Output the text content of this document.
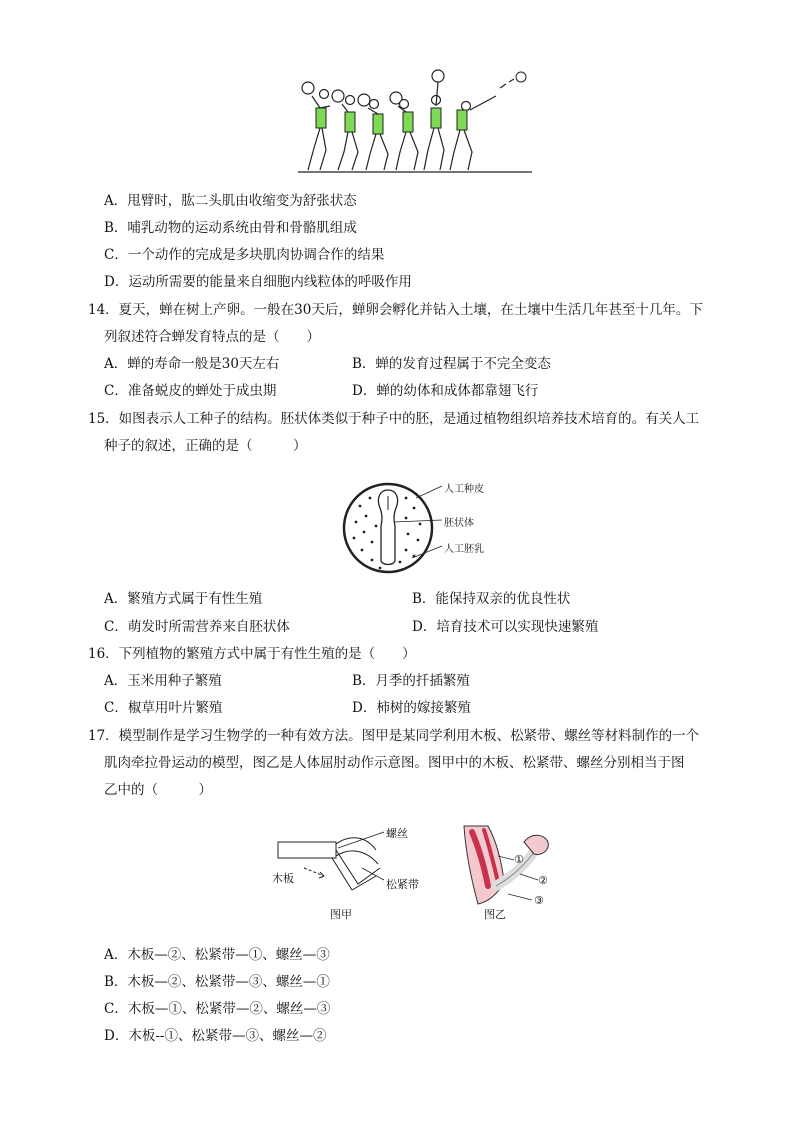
A．甩臂时，肱二头肌由收缩变为舒张状态
B．哺乳动物的运动系统由骨和骨骼肌组成
C．一个动作的完成是多块肌肉协调合作的结果
D．运动所需要的能量来自细胞内线粒体的呼吸作用
14．夏天，蝉在树上产卵。一般在30天后，蝉卵会孵化并钻入土壤，在土壤中生活几年甚至十几年。下
列叙述符合蝉发育特点的是（　　）
A．蝉的寿命一般是30天左右	B．蝉的发育过程属于不完全变态
C．准备蜕皮的蝉处于成虫期	D．蝉的幼体和成体都靠翅飞行
15．如图表示人工种子的结构。胚状体类似于种子中的胚，是通过植物组织培养技术培育的。有关人工
种子的叙述，正确的是（　　　）
人工种皮
胚状体
人工胚乳
A．繁殖方式属于有性生殖	B．能保持双亲的优良性状
C．萌发时所需营养来自胚状体	D．培育技术可以实现快速繁殖
16．下列植物的繁殖方式中属于有性生殖的是（　　）
A．玉米用种子繁殖	B．月季的扦插繁殖
C．椒草用叶片繁殖	D．柿树的嫁接繁殖
17．模型制作是学习生物学的一种有效方法。图甲是某同学利用木板、松紧带、螺丝等材料制作的一个
肌肉牵拉骨运动的模型，图乙是人体屈肘动作示意图。图甲中的木板、松紧带、螺丝分别相当于图
乙中的（　　　）
螺丝
木板	松紧带
图甲
①
②
③
图乙
A．木板—②、松紧带—①、螺丝—③
B．木板—②、松紧带—③、螺丝—①
C．木板—①、松紧带—②、螺丝—③
D．木板--①、松紧带—③、螺丝—②
